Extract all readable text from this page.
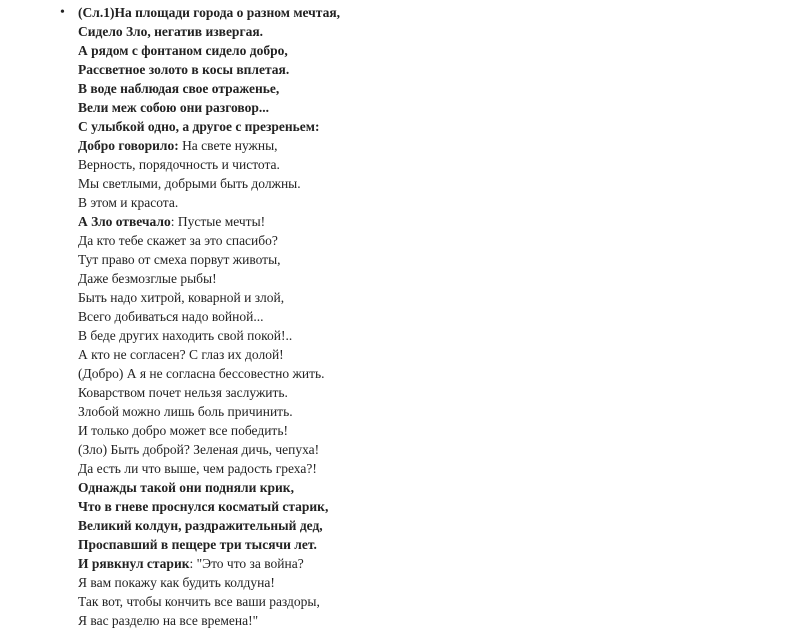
• (Сл.1)На площади города о разном мечтая,
Сидело Зло, негатив извергая.
А рядом с фонтаном сидело добро,
Рассветное золото в косы вплетая.
В воде наблюдая свое отраженье,
Вели меж собою они разговор...
С улыбкой одно, а другое с презреньем:
Добро говорило: На свете нужны,
Верность, порядочность и чистота.
Мы светлыми, добрыми быть должны.
В этом и красота.
А Зло отвечало: Пустые мечты!
Да кто тебе скажет за это спасибо?
Тут право от смеха порвут животы,
Даже безмозглые рыбы!
Быть надо хитрой, коварной и злой,
Всего добиваться надо войной...
В беде других находить свой покой!..
А кто не согласен? С глаз их долой!
(Добро) А я не согласна бессовестно жить.
Коварством почет нельзя заслужить.
Злобой можно лишь боль причинить.
И только добро может все победить!
(Зло) Быть доброй? Зеленая дичь, чепуха!
Да есть ли что выше, чем радость греха?!
Однажды такой они подняли крик,
Что в гневе проснулся косматый старик,
Великий колдун, раздражительный дед,
Проспавший в пещере три тысячи лет.
И рявкнул старик: "Это что за война?
Я вам покажу как будить колдуна!
Так вот, чтобы кончить все ваши раздоры,
Я вас разделю на все времена!"
